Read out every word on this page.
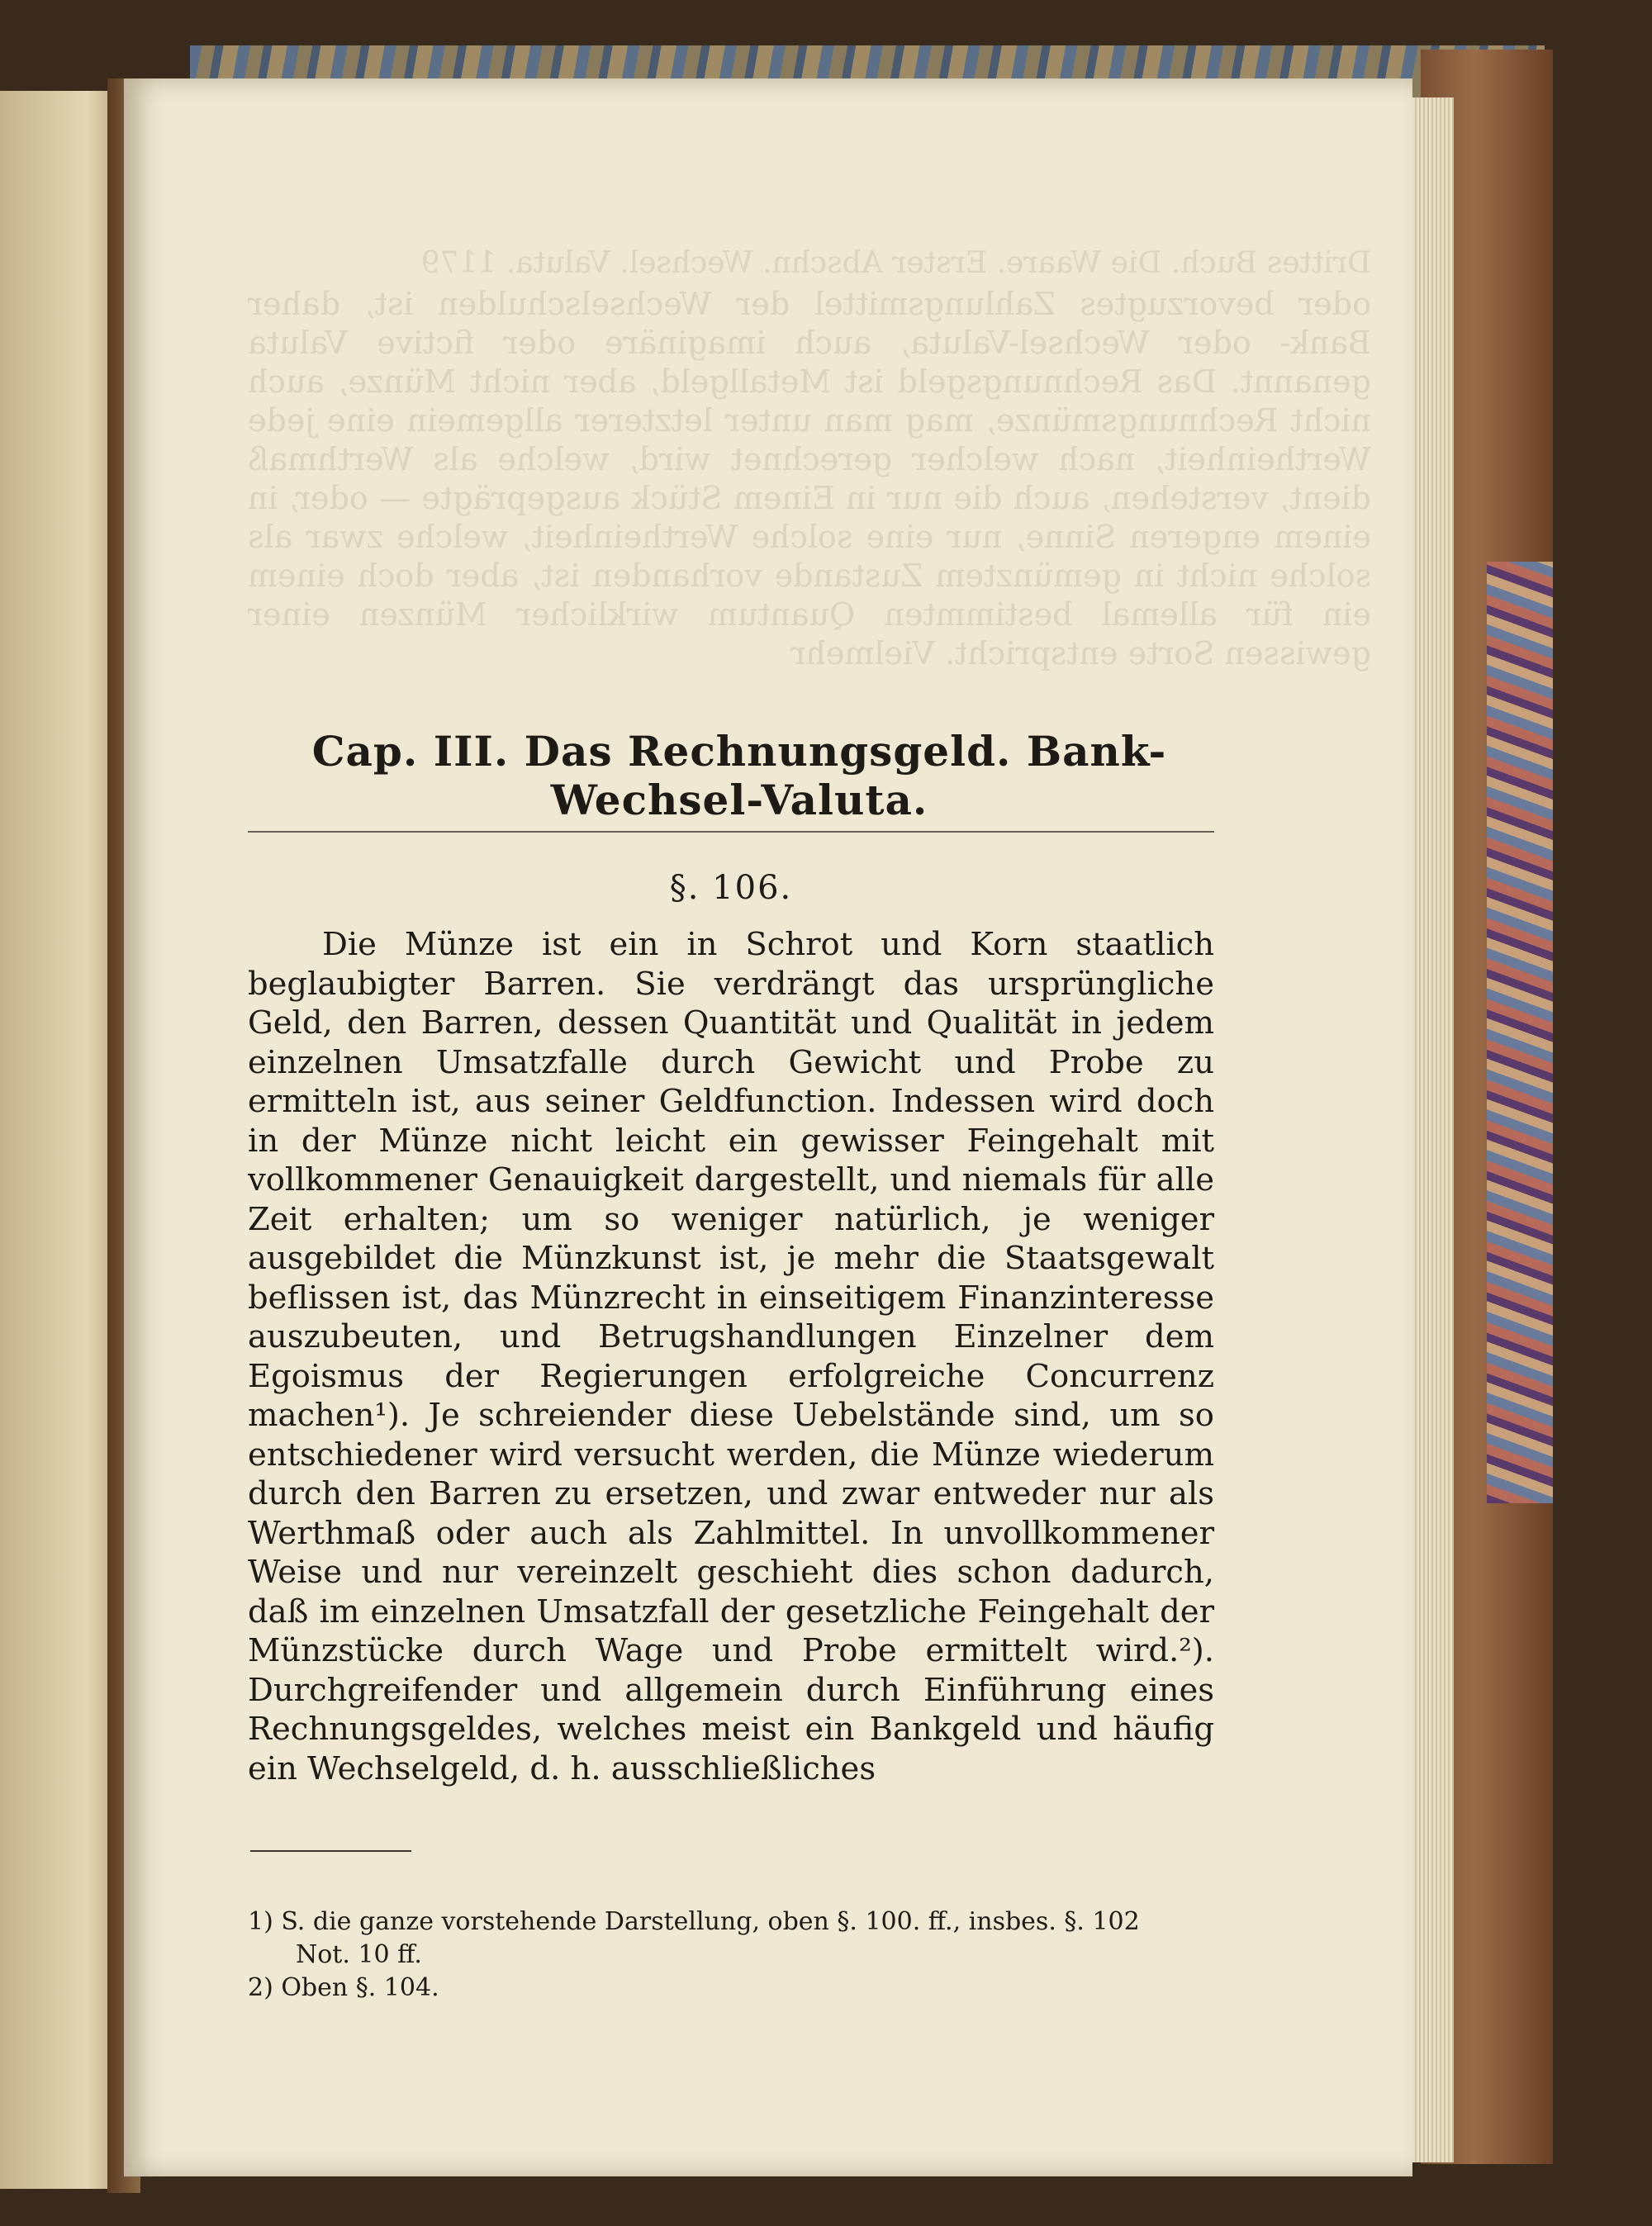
Drittes Buch. Die Waare. Erster Abschn. Wechsel. Valuta. 1179
oder bevorzugtes Zahlungsmittel der Wechselschulden ist, daher Bank- oder Wechsel-Valuta, auch imaginäre oder fictive Valuta genannt. Das Rechnungsgeld ist Metallgeld, aber nicht Münze, auch nicht Rechnungsmünze, mag man unter letzterer allgemein eine jede Wertheinheit, nach welcher gerechnet wird, welche als Werthmaß dient, verstehen, auch die nur in Einem Stück ausgeprägte — oder, in einem engeren Sinne, nur eine solche Wertheinheit, welche zwar als solche nicht in gemünztem Zustande vorhanden ist, aber doch einem ein für allemal bestimmten Quantum wirklicher Münzen einer gewissen Sorte entspricht. Vielmehr
Cap. III. Das Rechnungsgeld. Bank-Wechsel-Valuta.
§. 106.

Die Münze ist ein in Schrot und Korn staatlich beglaubigter Barren. Sie verdrängt das ursprüngliche Geld, den Barren, dessen Quantität und Qualität in jedem einzelnen Umsatzfalle durch Gewicht und Probe zu ermitteln ist, aus seiner Geldfunction. Indessen wird doch in der Münze nicht leicht ein gewisser Feingehalt mit vollkommener Genauigkeit dargestellt, und niemals für alle Zeit erhalten; um so weniger natürlich, je weniger ausgebildet die Münzkunst ist, je mehr die Staatsgewalt beflissen ist, das Münzrecht in einseitigem Finanzinteresse auszubeuten, und Betrugshandlungen Einzelner dem Egoismus der Regierungen erfolgreiche Concurrenz machen¹). Je schreiender diese Uebelstände sind, um so entschiedener wird versucht werden, die Münze wiederum durch den Barren zu ersetzen, und zwar entweder nur als Werthmaß oder auch als Zahlmittel. In unvollkommener Weise und nur vereinzelt geschieht dies schon dadurch, daß im einzelnen Umsatzfall der gesetzliche Feingehalt der Münzstücke durch Wage und Probe ermittelt wird.²). Durchgreifender und allgemein durch Einführung eines Rechnungsgeldes, welches meist ein Bankgeld und häufig ein Wechselgeld, d. h. ausschließliches

1) S. die ganze vorstehende Darstellung, oben §. 100. ff., insbes. §. 102

Not. 10 ff.

2) Oben §. 104.
